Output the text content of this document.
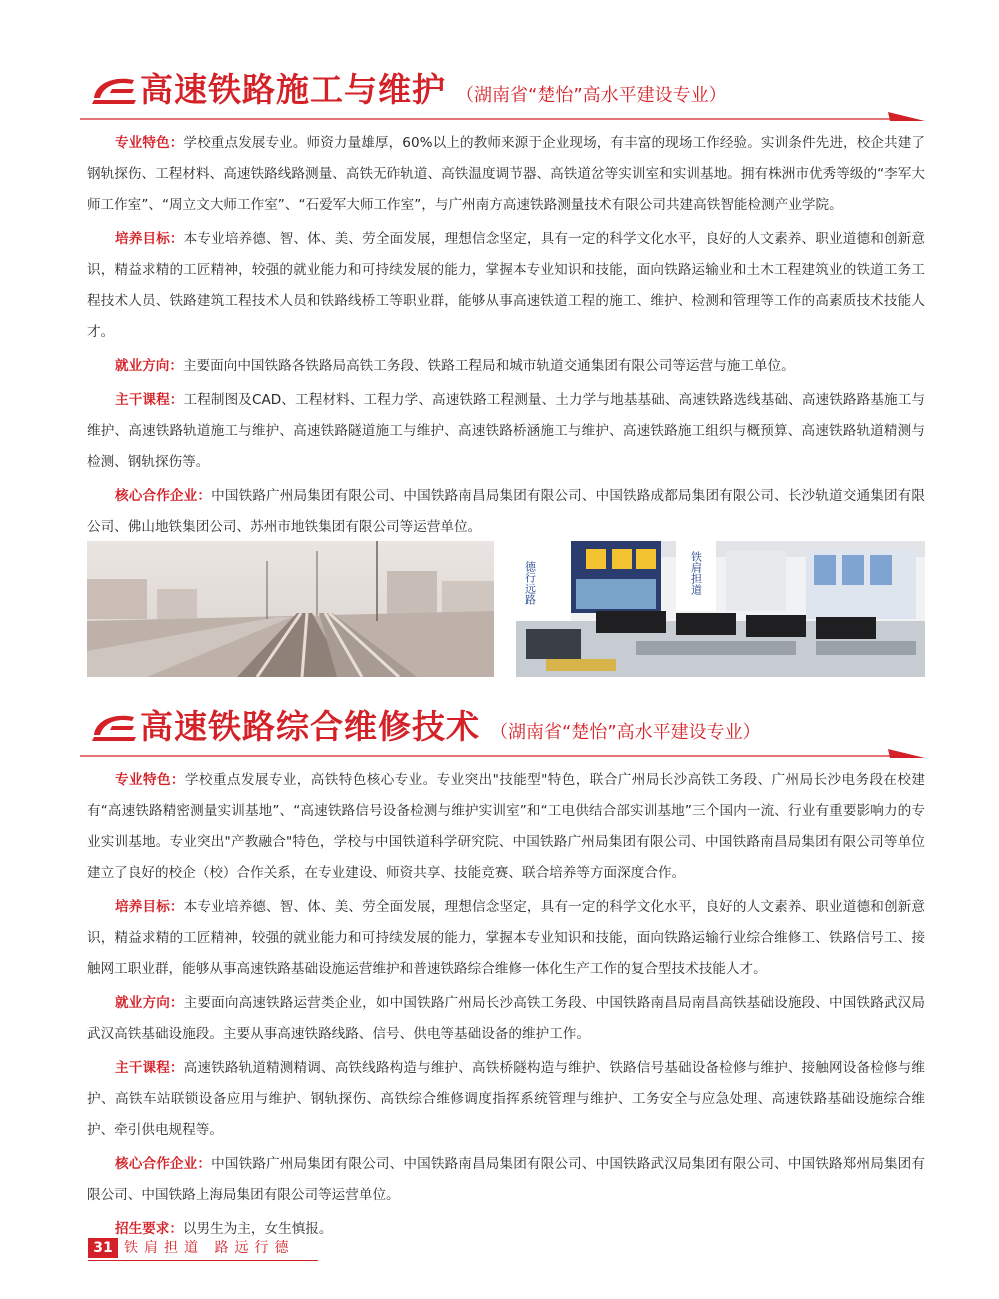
高速铁路施工与维护 （湖南省“楚怡”高水平建设专业）

专业特色：学校重点发展专业。师资力量雄厚，60%以上的教师来源于企业现场，有丰富的现场工作经验。实训条件先进，校企共建了钢轨探伤、工程材料、高速铁路线路测量、高铁无砟轨道、高铁温度调节器、高铁道岔等实训室和实训基地。拥有株洲市优秀等级的“李军大师工作室”、“周立文大师工作室”、“石爱军大师工作室”，与广州南方高速铁路测量技术有限公司共建高铁智能检测产业学院。

培养目标：本专业培养德、智、体、美、劳全面发展，理想信念坚定，具有一定的科学文化水平，良好的人文素养、职业道德和创新意识，精益求精的工匠精神，较强的就业能力和可持续发展的能力，掌握本专业知识和技能，面向铁路运输业和土木工程建筑业的铁道工务工程技术人员、铁路建筑工程技术人员和铁路线桥工等职业群，能够从事高速铁道工程的施工、维护、检测和管理等工作的高素质技术技能人才。

就业方向：主要面向中国铁路各铁路局高铁工务段、铁路工程局和城市轨道交通集团有限公司等运营与施工单位。

主干课程：工程制图及CAD、工程材料、工程力学、高速铁路工程测量、土力学与地基基础、高速铁路选线基础、高速铁路路基施工与维护、高速铁路轨道施工与维护、高速铁路隧道施工与维护、高速铁路桥涵施工与维护、高速铁路施工组织与概预算、高速铁路轨道精测与检测、钢轨探伤等。

核心合作企业：中国铁路广州局集团有限公司、中国铁路南昌局集团有限公司、中国铁路成都局集团有限公司、长沙轨道交通集团有限公司、佛山地铁集团公司、苏州市地铁集团有限公司等运营单位。

德行远路	铁肩担道
高速铁路综合维修技术 （湖南省“楚怡”高水平建设专业）

专业特色：学校重点发展专业，高铁特色核心专业。专业突出"技能型"特色，联合广州局长沙高铁工务段、广州局长沙电务段在校建有“高速铁路精密测量实训基地”、“高速铁路信号设备检测与维护实训室”和“工电供结合部实训基地”三个国内一流、行业有重要影响力的专业实训基地。专业突出"产教融合"特色，学校与中国铁道科学研究院、中国铁路广州局集团有限公司、中国铁路南昌局集团有限公司等单位建立了良好的校企（校）合作关系，在专业建设、师资共享、技能竞赛、联合培养等方面深度合作。

培养目标：本专业培养德、智、体、美、劳全面发展，理想信念坚定，具有一定的科学文化水平，良好的人文素养、职业道德和创新意识，精益求精的工匠精神，较强的就业能力和可持续发展的能力，掌握本专业知识和技能，面向铁路运输行业综合维修工、铁路信号工、接触网工职业群，能够从事高速铁路基础设施运营维护和普速铁路综合维修一体化生产工作的复合型技术技能人才。

就业方向：主要面向高速铁路运营类企业，如中国铁路广州局长沙高铁工务段、中国铁路南昌局南昌高铁基础设施段、中国铁路武汉局武汉高铁基础设施段。主要从事高速铁路线路、信号、供电等基础设备的维护工作。

主干课程：高速铁路轨道精测精调、高铁线路构造与维护、高铁桥隧构造与维护、铁路信号基础设备检修与维护、接触网设备检修与维护、高铁车站联锁设备应用与维护、钢轨探伤、高铁综合维修调度指挥系统管理与维护、工务安全与应急处理、高速铁路基础设施综合维护、牵引供电规程等。

核心合作企业：中国铁路广州局集团有限公司、中国铁路南昌局集团有限公司、中国铁路武汉局集团有限公司、中国铁路郑州局集团有限公司、中国铁路上海局集团有限公司等运营单位。

招生要求：以男生为主，女生慎报。

31 铁肩担道 路远行德
